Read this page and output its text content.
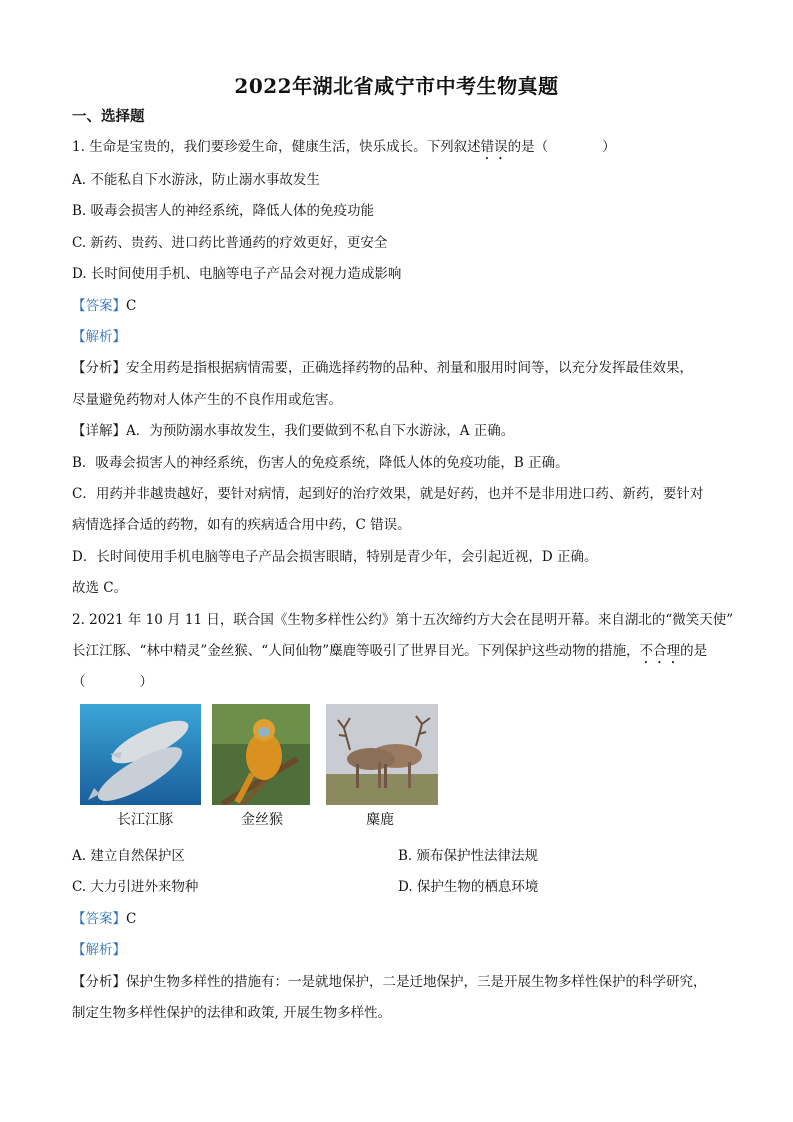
2022年湖北省咸宁市中考生物真题
一、选择题
1. 生命是宝贵的，我们要珍爱生命，健康生活，快乐成长。下列叙述错误的是（　　　　）
A. 不能私自下水游泳，防止溺水事故发生
B. 吸毒会损害人的神经系统，降低人体的免疫功能
C. 新药、贵药、进口药比普通药的疗效更好，更安全
D. 长时间使用手机、电脑等电子产品会对视力造成影响
【答案】C
【解析】
【分析】安全用药是指根据病情需要，正确选择药物的品种、剂量和服用时间等，以充分发挥最佳效果，
尽量避免药物对人体产生的不良作用或危害。
【详解】A．为预防溺水事故发生，我们要做到不私自下水游泳，A 正确。
B．吸毒会损害人的神经系统，伤害人的免疫系统，降低人体的免疫功能，B 正确。
C．用药并非越贵越好，要针对病情，起到好的治疗效果，就是好药，也并不是非用进口药、新药，要针对
病情选择合适的药物，如有的疾病适合用中药，C 错误。
D．长时间使用手机电脑等电子产品会损害眼睛，特别是青少年，会引起近视，D 正确。
故选 C。
2. 2021 年 10 月 11 日，联合国《生物多样性公约》第十五次缔约方大会在昆明开幕。来自湖北的“微笑天使”
长江江豚、“林中精灵”金丝猴、“人间仙物”麋鹿等吸引了世界目光。下列保护这些动物的措施，不合理的是
（　　　　）
长江江豚	金丝猴	麋鹿
A. 建立自然保护区	B. 颁布保护性法律法规
C. 大力引进外来物种	D. 保护生物的栖息环境
【答案】C
【解析】
【分析】保护生物多样性的措施有：一是就地保护，二是迁地保护，三是开展生物多样性保护的科学研究，
制定生物多样性保护的法律和政策, 开展生物多样性。
